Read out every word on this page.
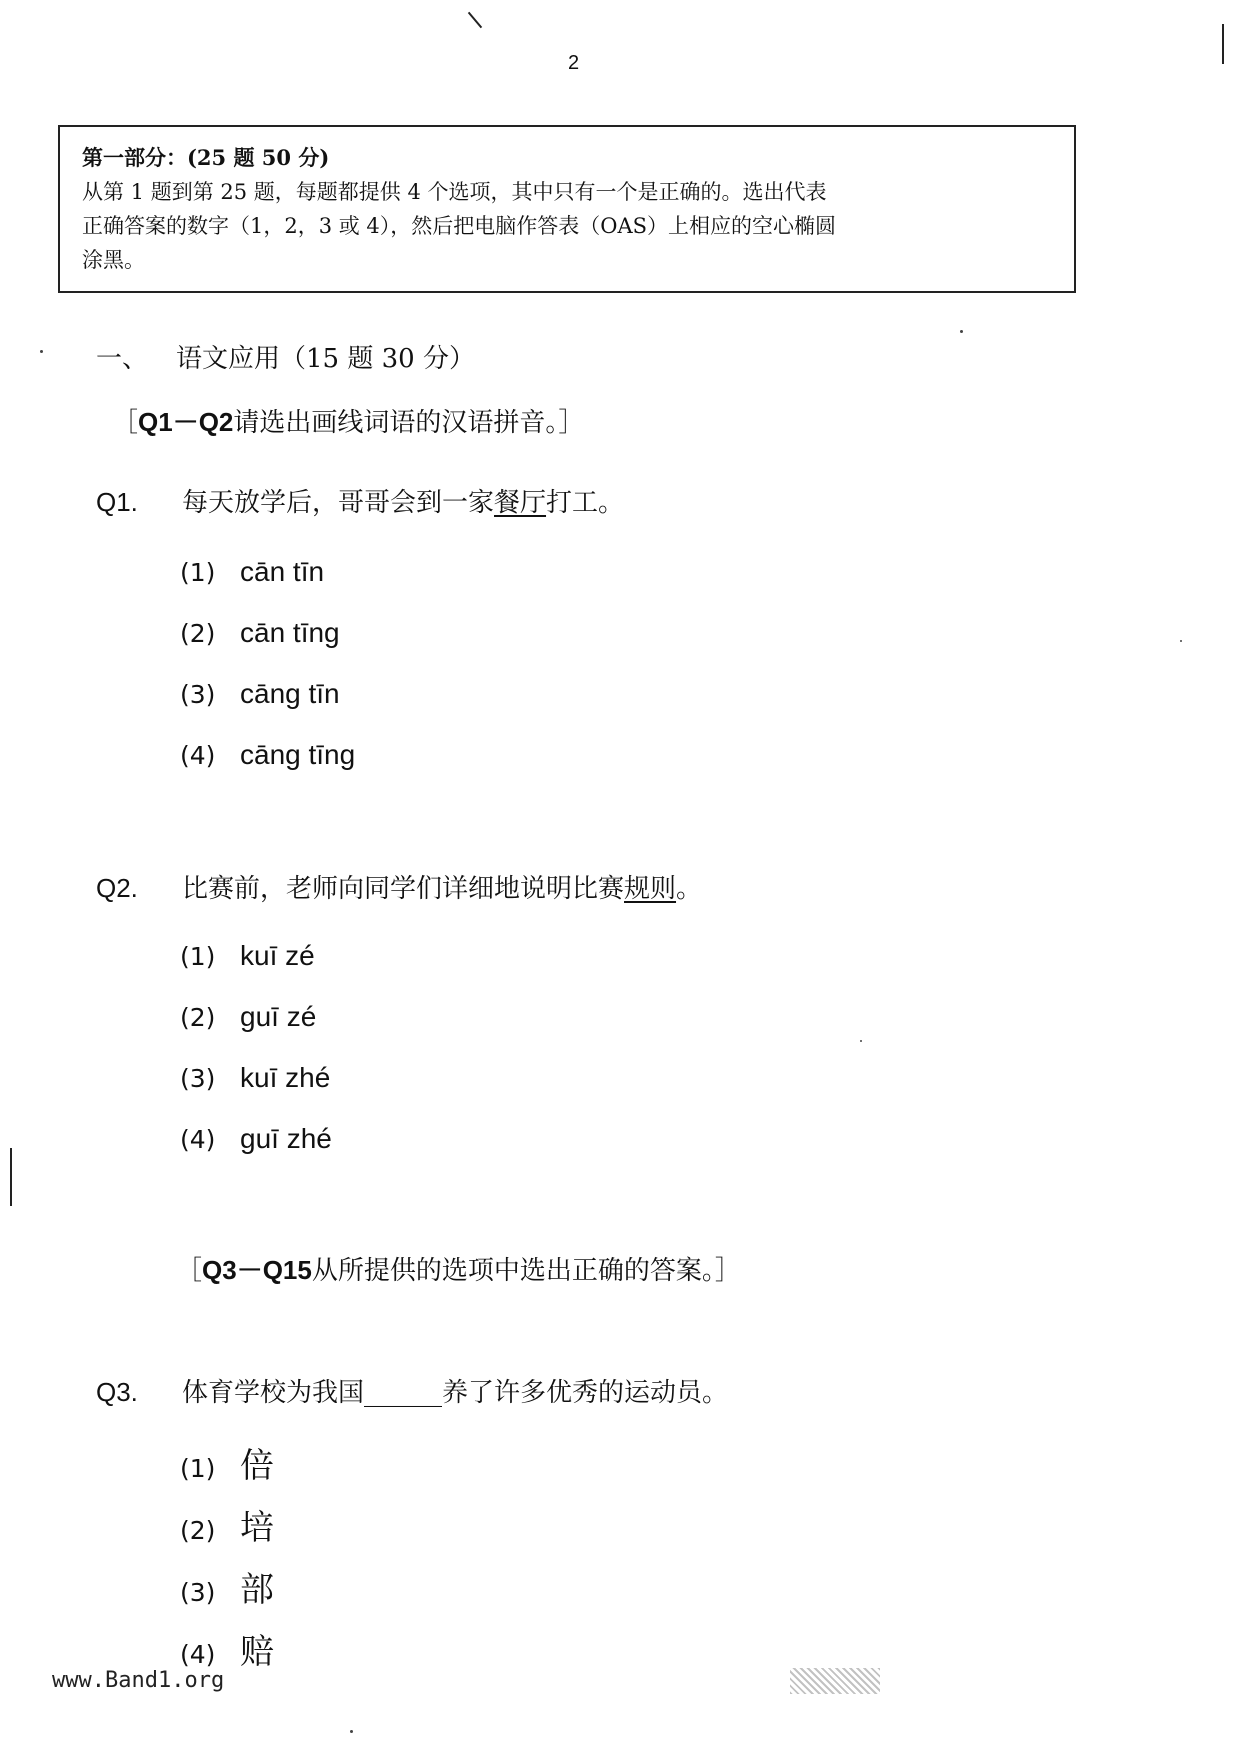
2
第一部分：(25 题 50 分)
从第 1 题到第 25 题，每题都提供 4 个选项，其中只有一个是正确的。选出代表
正确答案的数字（1，2，3 或 4），然后把电脑作答表（OAS）上相应的空心椭圆
涂黑。
一、 语文应用（15 题 30 分）
［Q1－Q2请选出画线词语的汉语拼音。］
Q1. 每天放学后，哥哥会到一家餐厅打工。
(1) cān tīn
(2) cān tīng
(3) cāng tīn
(4) cāng tīng
Q2. 比赛前，老师向同学们详细地说明比赛规则。
(1) kuī zé
(2) guī zé
(3) kuī zhé
(4) guī zhé
［Q3－Q15从所提供的选项中选出正确的答案。］
Q3. 体育学校为我国______养了许多优秀的运动员。
(1) 倍
(2) 培
(3) 部
(4) 赔
www.Band1.org
